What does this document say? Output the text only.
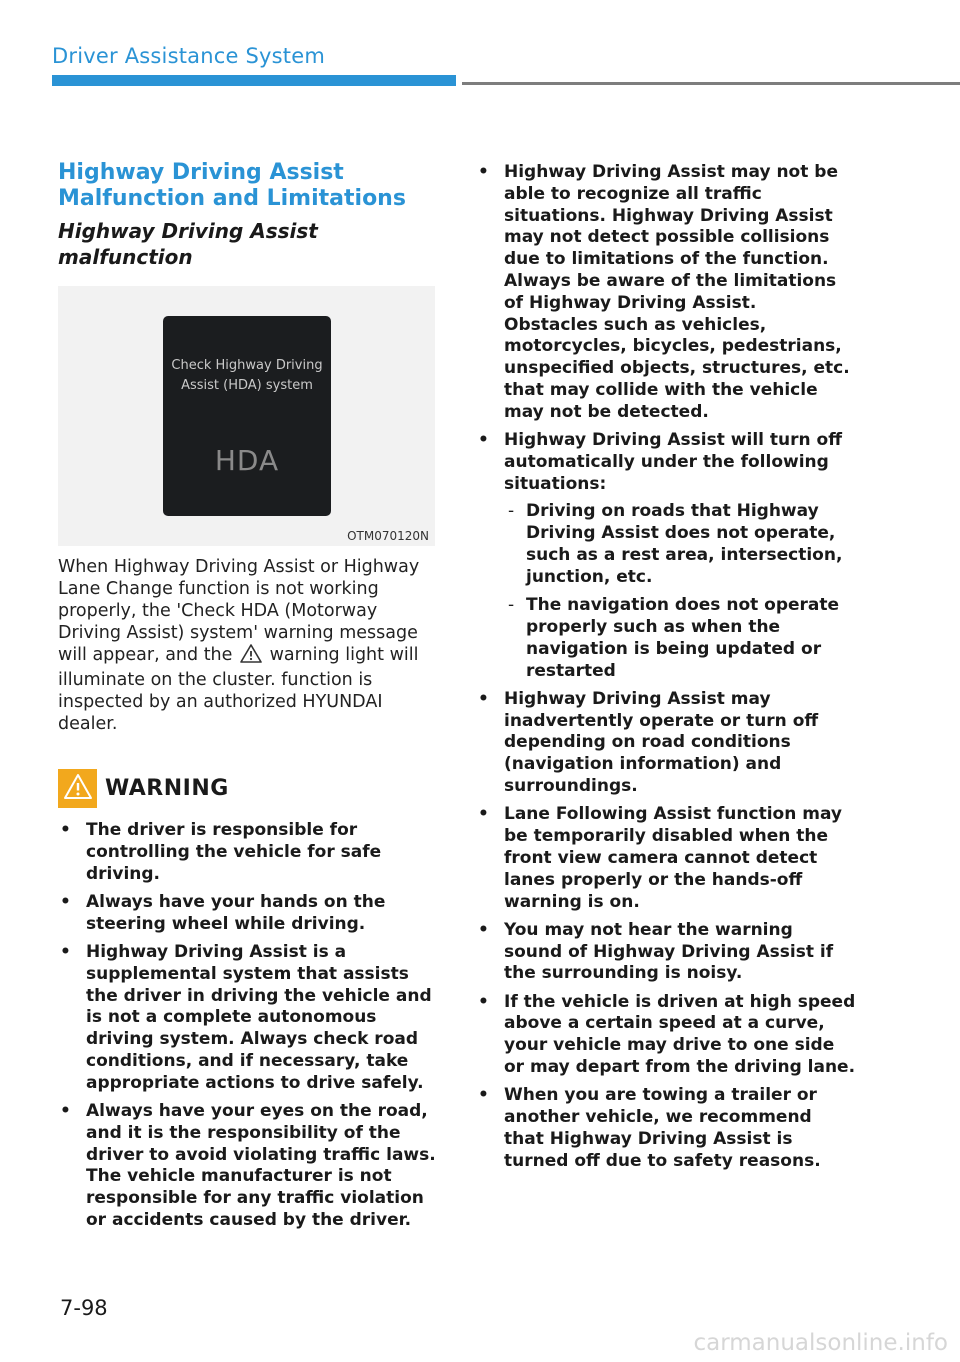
Driver Assistance System
Highway Driving Assist
Malfunction and Limitations
Highway Driving Assist malfunction
Check Highway Driving
Assist (HDA) system
HDA
OTM070120N

When Highway Driving Assist or Highway Lane Change function is not working properly, the 'Check HDA (Motorway Driving Assist) system' warning message will appear, and the warning light will illuminate on the cluster. function is inspected by an authorized HYUNDAI dealer.

WARNING
• The driver is responsible for controlling the vehicle for safe driving.
• Always have your hands on the steering wheel while driving.
• Highway Driving Assist is a supplemental system that assists the driver in driving the vehicle and is not a complete autonomous driving system. Always check road conditions, and if necessary, take appropriate actions to drive safely.
• Always have your eyes on the road, and it is the responsibility of the driver to avoid violating traffic laws. The vehicle manufacturer is not responsible for any traffic violation or accidents caused by the driver.
• Highway Driving Assist may not be able to recognize all traffic situations. Highway Driving Assist may not detect possible collisions due to limitations of the function. Always be aware of the limitations of Highway Driving Assist. Obstacles such as vehicles, motorcycles, bicycles, pedestrians, unspecified objects, structures, etc. that may collide with the vehicle may not be detected.
• Highway Driving Assist will turn off automatically under the following situations:
- Driving on roads that Highway Driving Assist does not operate, such as a rest area, intersection, junction, etc.
- The navigation does not operate properly such as when the navigation is being updated or restarted
• Highway Driving Assist may inadvertently operate or turn off depending on road conditions (navigation information) and surroundings.
• Lane Following Assist function may be temporarily disabled when the front view camera cannot detect lanes properly or the hands-off warning is on.
• You may not hear the warning sound of Highway Driving Assist if the surrounding is noisy.
• If the vehicle is driven at high speed above a certain speed at a curve, your vehicle may drive to one side or may depart from the driving lane.
• When you are towing a trailer or another vehicle, we recommend that Highway Driving Assist is turned off due to safety reasons.
7-98
carmanualsonline.info
